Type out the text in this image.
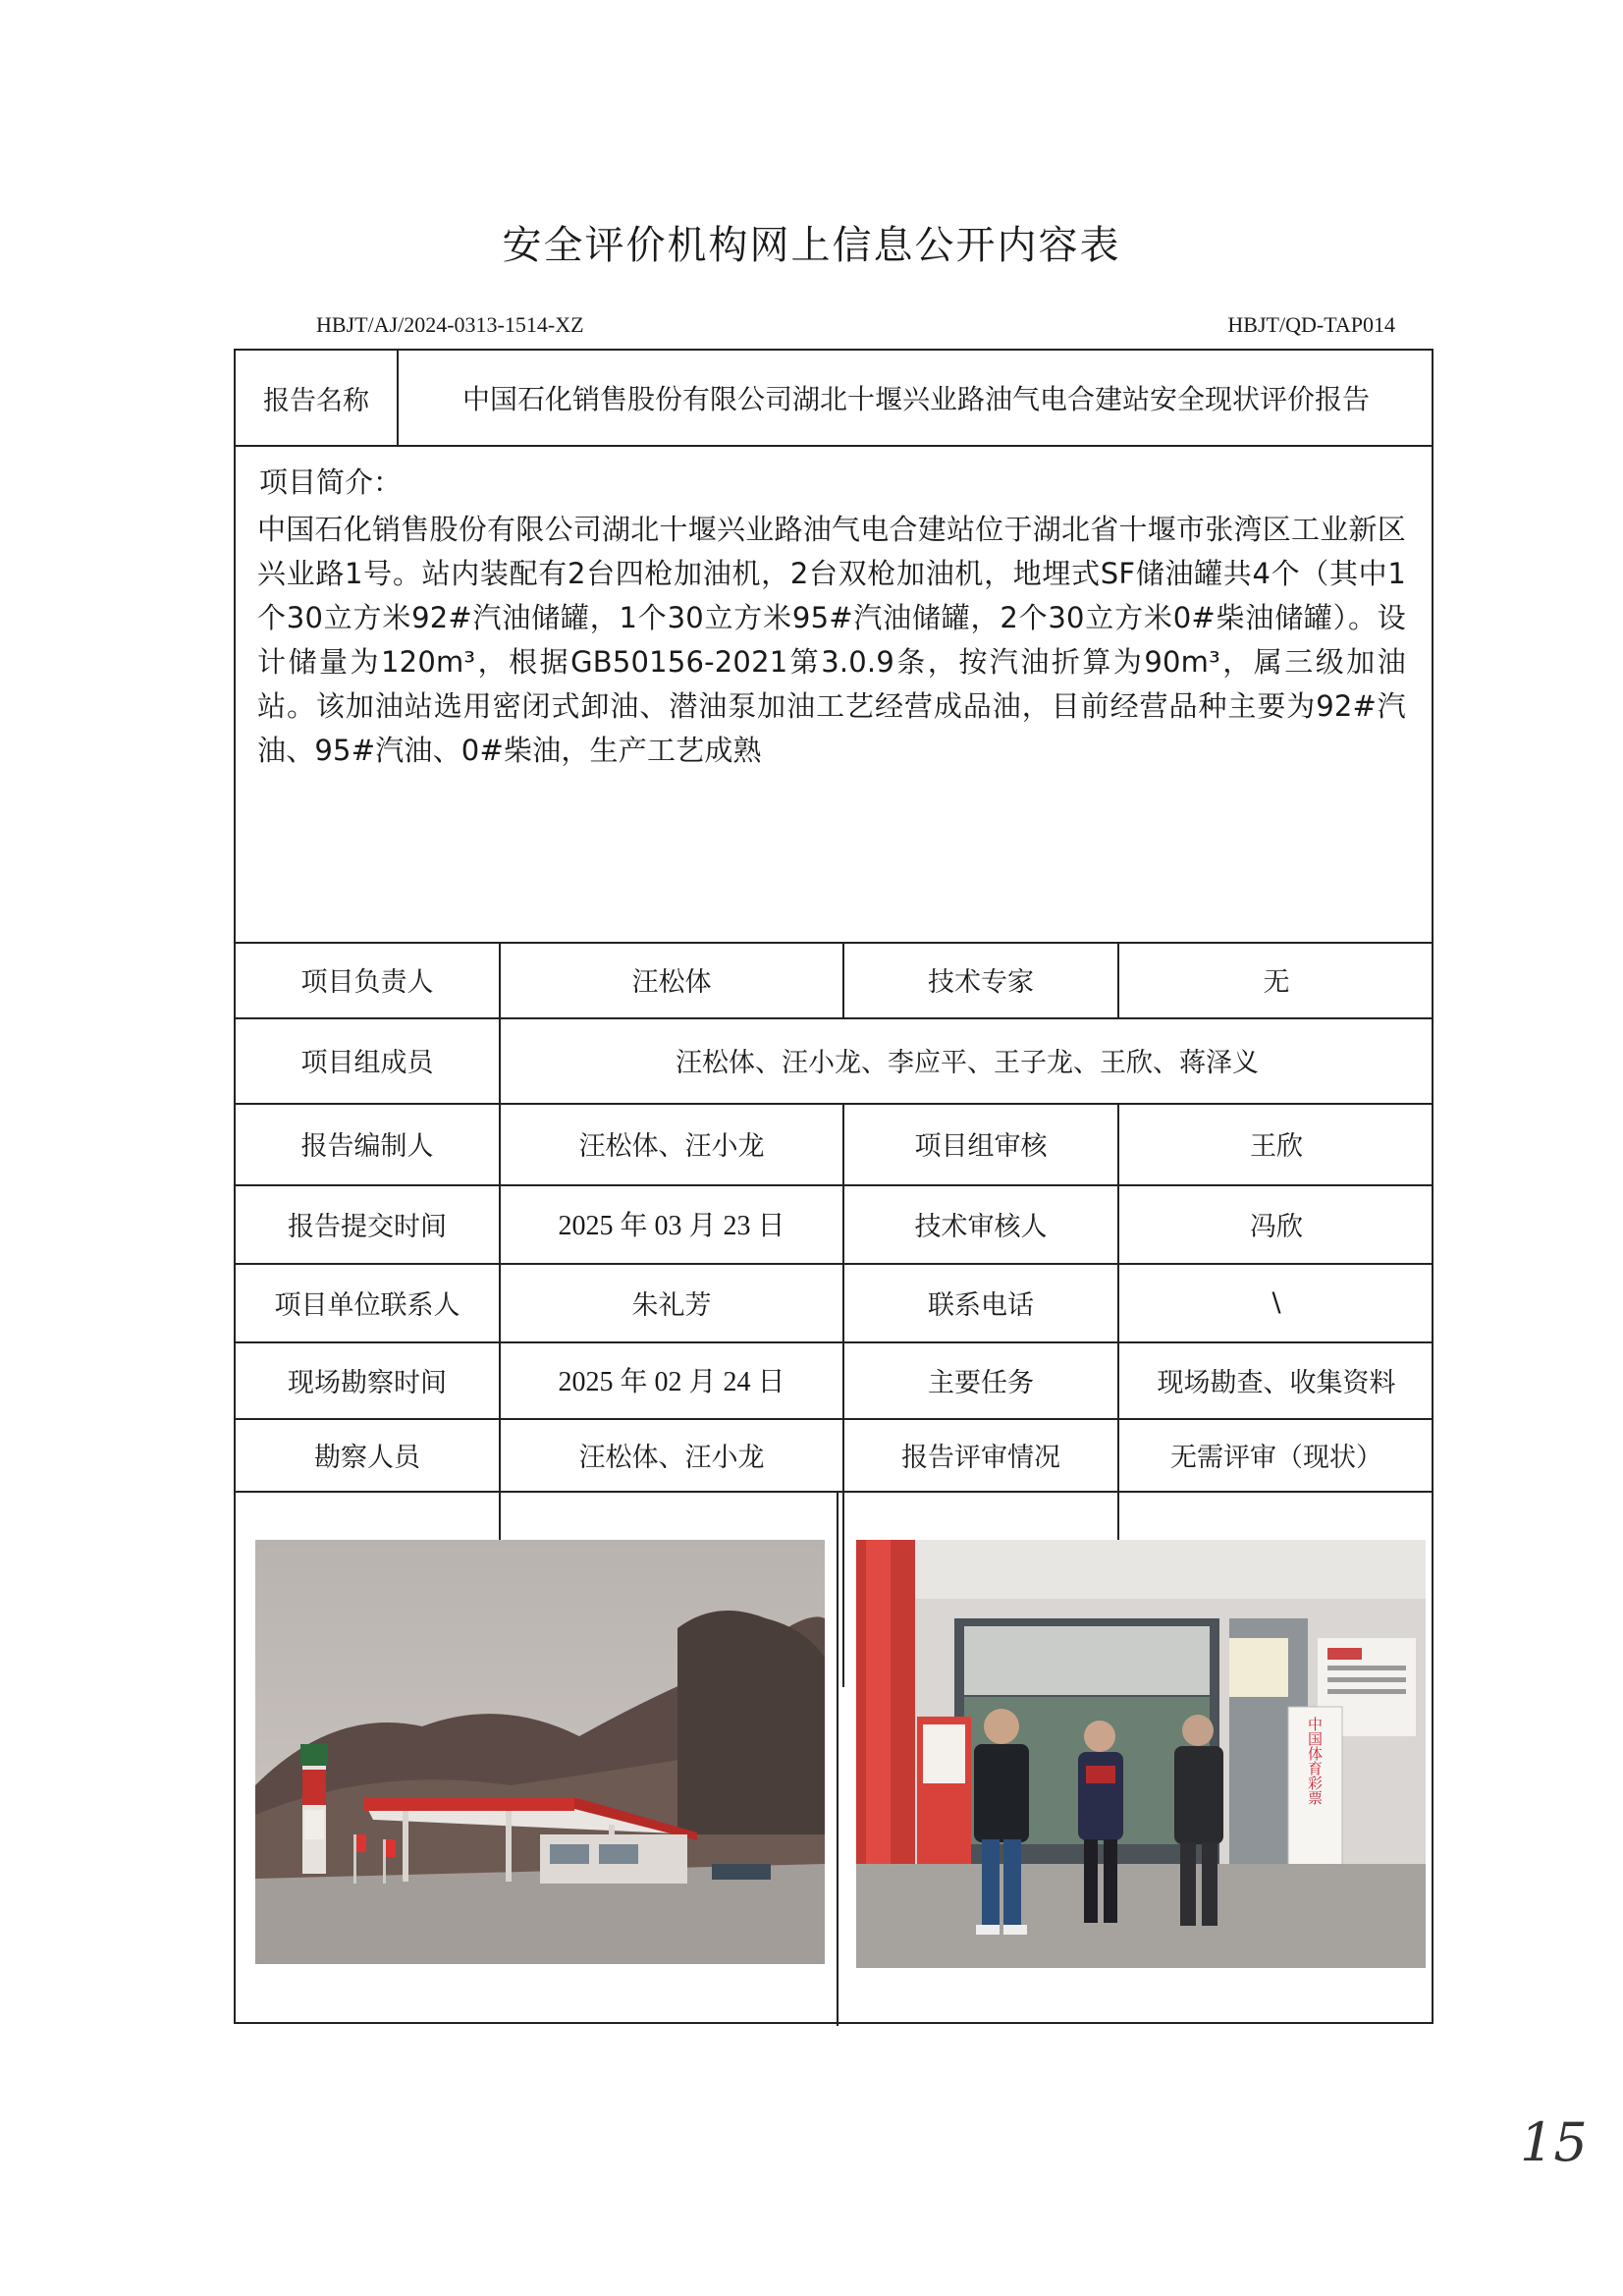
安全评价机构网上信息公开内容表
HBJT/AJ/2024-0313-1514-XZ	HBJT/QD-TAP014
报告名称	中国石化销售股份有限公司湖北十堰兴业路油气电合建站安全现状评价报告
项目简介：
中国石化销售股份有限公司湖北十堰兴业路油气电合建站位于湖北省十堰市张湾区工业新区兴业路1号。站内装配有2台四枪加油机，2台双枪加油机，地埋式SF储油罐共4个（其中1个30立方米92#汽油储罐，1个30立方米95#汽油储罐，2个30立方米0#柴油储罐）。设计储量为120m³，根据GB50156-2021第3.0.9条，按汽油折算为90m³，属三级加油站。该加油站选用密闭式卸油、潜油泵加油工艺经营成品油，目前经营品种主要为92#汽油、95#汽油、0#柴油，生产工艺成熟
项目负责人	汪松体	技术专家	无
项目组成员	汪松体、汪小龙、李应平、王子龙、王欣、蒋泽义
报告编制人	汪松体、汪小龙	项目组审核	王欣
报告提交时间	2025 年 03 月 23 日	技术审核人	冯欣
项目单位联系人	朱礼芳	联系电话	\
现场勘察时间	2025 年 02 月 24 日	主要任务	现场勘查、收集资料
勘察人员	汪松体、汪小龙	报告评审情况	无需评审（现状）
中国体育彩票
15
